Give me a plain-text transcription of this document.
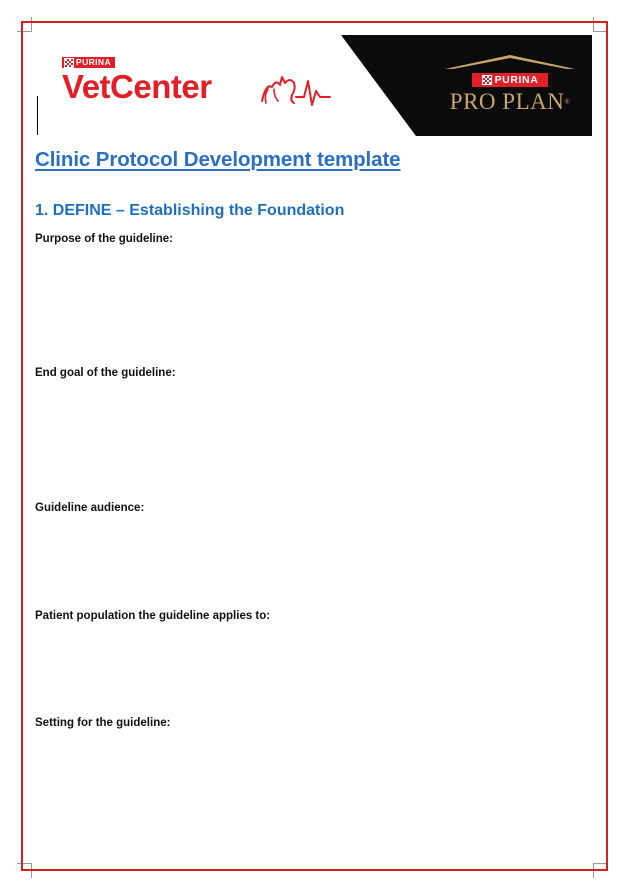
PURINA
VetCenter	PURINA
PRO PLAN®
Clinic Protocol Development template
1. DEFINE – Establishing the Foundation

Purpose of the guideline:

End goal of the guideline:

Guideline audience:

Patient population the guideline applies to:

Setting for the guideline:
